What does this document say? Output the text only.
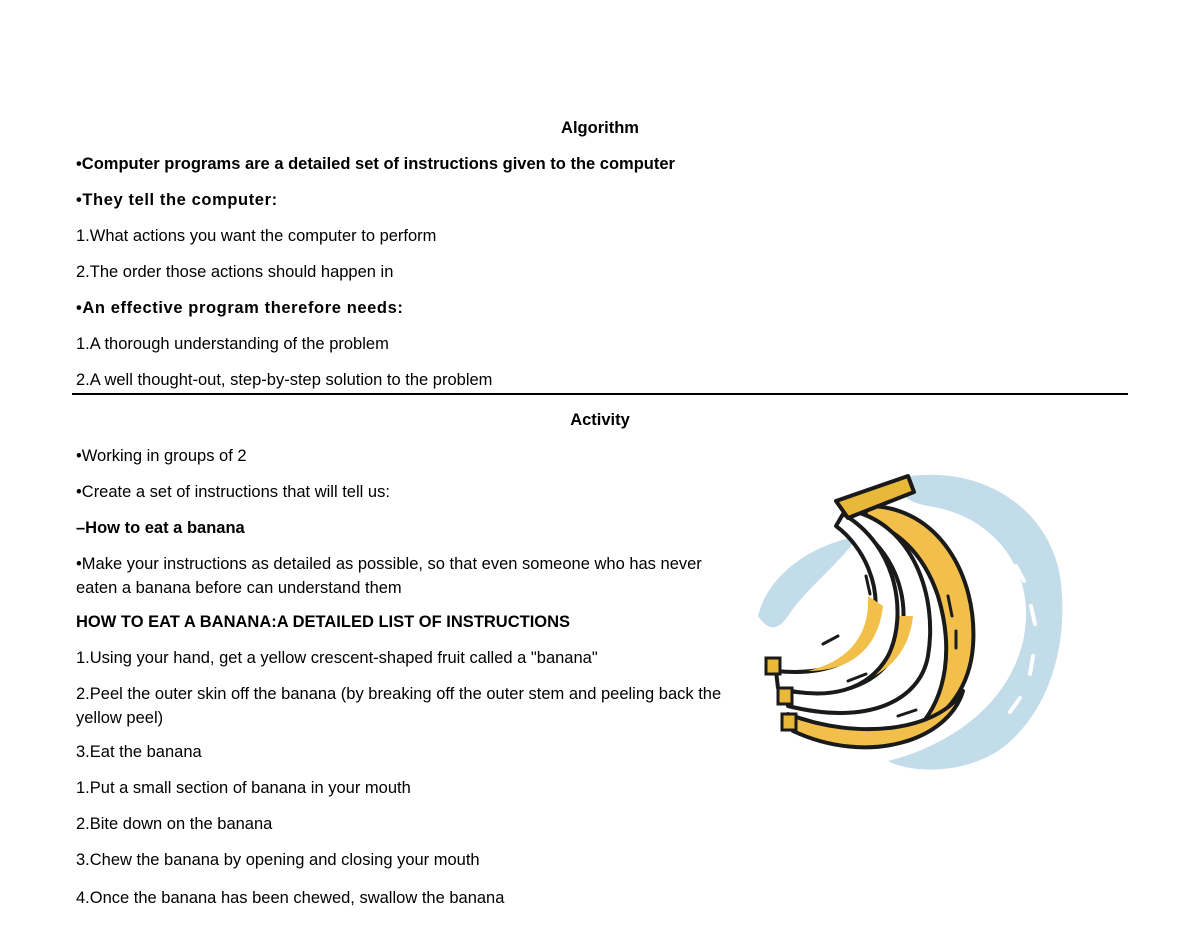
Algorithm
•Computer programs are a detailed set of instructions given to the computer
•They tell the computer:
1.What actions you want the computer to perform
2.The order those actions should happen in
•An effective program therefore needs:
1.A thorough understanding of the problem
2.A well thought-out, step-by-step solution to the problem
Activity
•Working in groups of 2
•Create a set of instructions that will tell us:
–How to eat a banana
•Make your instructions as detailed as possible, so that even someone who has never eaten a banana before can understand them
HOW TO EAT A BANANA:A DETAILED LIST OF INSTRUCTIONS
1.Using your hand, get a yellow crescent-shaped fruit called a "banana"
2.Peel the outer skin off the banana (by breaking off the outer stem and peeling back the yellow peel)
3.Eat the banana
1.Put a small section of banana in your mouth
2.Bite down on the banana
3.Chew the banana by opening and closing your mouth
4.Once the banana has been chewed, swallow the banana
